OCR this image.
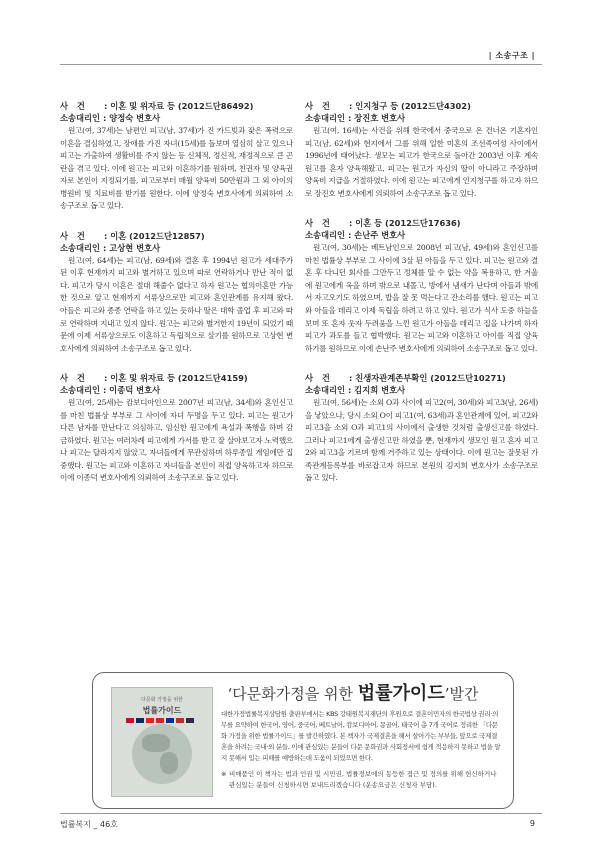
| 소송구조 |
사 건 : 이혼 및 위자료 등 (2012드단86492)
소송대리인 : 양정숙 변호사
원고(여, 37세)는 남편인 피고(남, 37세)가 진 카드빚과 잦은 폭력으로 이혼을 결심하였고, 장애를 가진 자녀(15세)를 돌보며 열심히 살고 있으나 피고는 가출하여 생활비를 주지 않는 등 신체적, 정신적, 재정적으로 큰 곤란을 겪고 있다. 이에 원고는 피고와 이혼하기를 원하며, 친권자 및 양육권자로 본인이 지정되기를, 피고로부터 매월 양육비 50만원과 그 외 아이의 병원비 및 치료비를 받기를 원한다. 이에 양정숙 변호사에게 의뢰하여 소송구조로 돕고 있다.
사 건 : 이혼 (2012드단12857)
소송대리인 : 고상현 변호사
원고(여, 64세)는 피고(남, 69세)와 결혼 후 1994년 원고가 세대주가 된 이후 현재까지 피고와 별거하고 있으며 따로 연락하거나 만난 적이 없다. 피고가 당시 이혼은 절대 해줄수 없다고 하자 원고는 협의이혼만 가능한 것으로 알고 현재까지 서류상으로만 피고와 혼인관계를 유지해 왔다. 아들은 피고와 종종 연락을 하고 있는 듯하나 딸은 대학 졸업 후 피고와 따로 연락하며 지내고 있지 않다. 원고는 피고와 별거한지 19년이 되었기 때문에 이제 서류상으로도 이혼하고 독립적으로 살기를 원하므로 고상현 변호사에게 의뢰하여 소송구조로 돕고 있다.
사 건 : 이혼 및 위자료 등 (2012드단4159)
소송대리인 : 이종덕 변호사
원고(여, 25세)는 캄보디아인으로 2007년 피고(남, 34세)와 혼인신고를 마친 법률상 부부로 그 사이에 자녀 두명을 두고 있다. 피고는 원고가 다른 남자를 만난다고 의심하고, 임신한 원고에게 욕설과 폭행을 하며 감금하였다. 원고는 여러차례 피고에게 가서를 받고 잘 살아보고자 노력했으나 피고는 달라지지 않았고, 자녀들에게 무관심하며 하루종일 게임에만 집중했다. 원고는 피고와 이혼하고 자녀들을 본인이 직접 양육하고자 하므로 이에 이종덕 변호사에게 의뢰하여 소송구조로 돕고 있다.
사 건 : 인지청구 등 (2012드단4302)
소송대리인 : 장진호 변호사
원고(여, 16세)는 사건을 위해 한국에서 중국으로 온 건너온 기혼자인 피고(남, 62세)와 현지에서 그를 위해 일한 미혼의 조선족여성 사이에서 1996년에 태어났다. 생모는 피고가 한국으로 돌아간 2003년 이후 계속 원고를 혼자 양육해왔고, 피고는 원고가 자신의 딸이 아니라고 주장하며 양육비 지급을 거절하였다. 이에 원고는 피고에게 인지청구를 하고자 하므로 장진호 변호사에게 의뢰하여 소송구조로 돕고 있다.
사 건 : 이혼 등 (2012드단17636)
소송대리인 : 손난주 변호사
원고(여, 30세)는 베트남인으로 2008년 피고(남, 49세)와 혼인신고를 마친 법률상 부부로 그 사이에 3살 된 아들을 두고 있다. 피고는 원고와 결혼 후 다니던 회사를 그만두고 정체를 알 수 없는 약을 복용하고, 한 겨울에 원고에게 옥을 하며 밖으로 내몰고, 방에서 냄새가 난다며 아들과 밖에서 자고오기도 하였으며, 밥을 잘 못 먹는다고 잔소리를 했다. 원고는 피고와 아들을 데리고 이제 독립을 하려고 하고 있다. 원고가 식사 도중 하늘을 보며 또 혼자 웃자 두려움을 느낀 원고가 아들을 데리고 집을 나가며 하자 피고가 과도를 들고 협박했다. 원고는 피고와 이혼하고 아이를 직접 양육하기를 원하므로 이에 손난주 변호사에게 의뢰하여 소송구조로 돕고 있다.
사 건 : 친생자관계존부확인 (2012드단10271)
소송대리인 : 김지희 변호사
원고(여, 56세)는 소외 O과 사이에 피고2(여, 30세)와 피고3(남, 26세)을 낳았으나, 당시 소외 O이 피고1(여, 63세)과 혼인관계에 있어, 피고2와 피고3을 소외 O과 피고1의 사이에서 출생한 것처럼 출생신고를 하였다. 그러나 피고1에게 출생신고만 하였을 뿐, 현재까지 생모인 원고 혼자 피고2와 피고3을 기르며 함께 거주하고 있는 상태이다. 이에 원고는 잘못된 가족관계등록부를 바로잡고자 하므로 본원의 김지희 변호사가 소송구조로 돕고 있다.
다문화 가정을 위한
법률가이드
‘다문화가정을 위한 법률가이드’발간
대한가정법률복지상담원 출판부에서는 KBS 강태원복지재단의 후원으로 결혼이민자의 한국법상 권리·의무를 요약하여 한국어, 영어, 중국어, 베트남어, 캄보디아어, 몽골어, 태국어 총 7개 국어로 정리한 「다문화 가정을 위한 법률가이드」를 발간하였다. 본 책자가 국제결혼을 해서 살아가는 부부들, 앞으로 국제결혼을 하려는 국내·외 분들, 이에 관심있는 분들이 다문 문화권과 사회정서에 쉽게 적응하지 못하고 법을 알지 못해서 입는 피해를 예방하는데 도움이 되었으면 한다.
※ 비매품인 이 책자는 법과 인권 및 시민권, 법률정보에의 동등한 접근 및 정의를 위해 헌신하거나 관심있는 분들이 신청하시면 보내드리겠습니다 (운송요금은 신청자 부담).
법률복지 _ 46호	9
